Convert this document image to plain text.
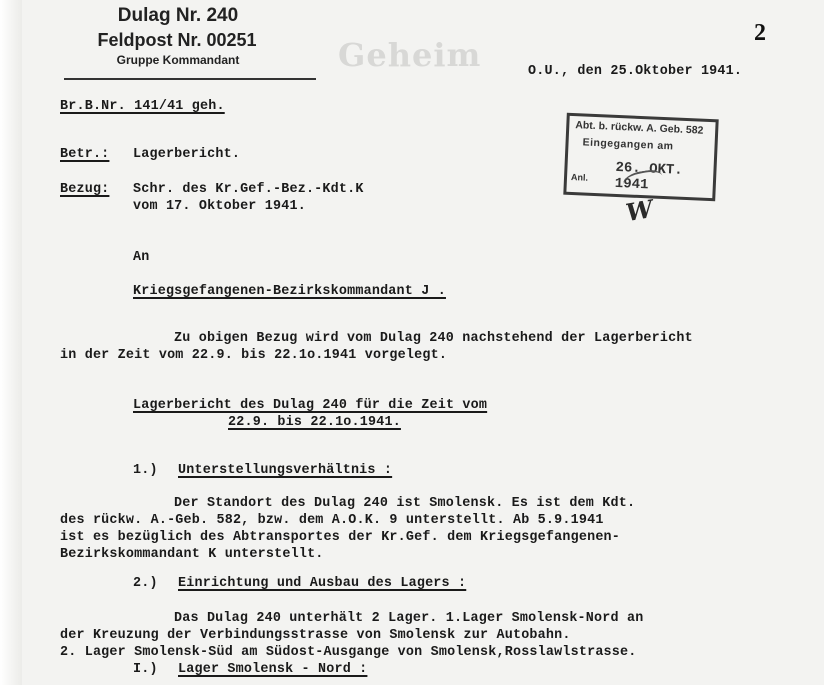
Dulag Nr. 240
Feldpost Nr. 00251
Gruppe Kommandant	Geheim
2
O.U., den 25.Oktober 1941.
Br.B.Nr. 141/41 geh.
Betr.: Lagerbericht.
Bezug: Schr. des Kr.Gef.-Bez.-Kdt.K
vom 17. Oktober 1941.
Abt. b. rückw. A. Geb. 582
Eingegangen am
26. OKT. 1941
Anl.
W
An
Kriegsgefangenen-Bezirkskommandant J .
Zu obigen Bezug wird vom Dulag 240 nachstehend der Lagerbericht
in der Zeit vom 22.9. bis 22.1o.1941 vorgelegt.
Lagerbericht des Dulag 240 für die Zeit vom
22.9. bis 22.1o.1941.
1.) Unterstellungsverhältnis :
Der Standort des Dulag 240 ist Smolensk. Es ist dem Kdt.
des rückw. A.-Geb. 582, bzw. dem A.O.K. 9 unterstellt. Ab 5.9.1941
ist es bezüglich des Abtransportes der Kr.Gef. dem Kriegsgefangenen-
Bezirkskommandant K unterstellt.
2.) Einrichtung und Ausbau des Lagers :
Das Dulag 240 unterhält 2 Lager. 1.Lager Smolensk-Nord an
der Kreuzung der Verbindungsstrasse von Smolensk zur Autobahn.
2. Lager Smolensk-Süd am Südost-Ausgange von Smolensk,Rosslawlstrasse.
I.) Lager Smolensk - Nord :
